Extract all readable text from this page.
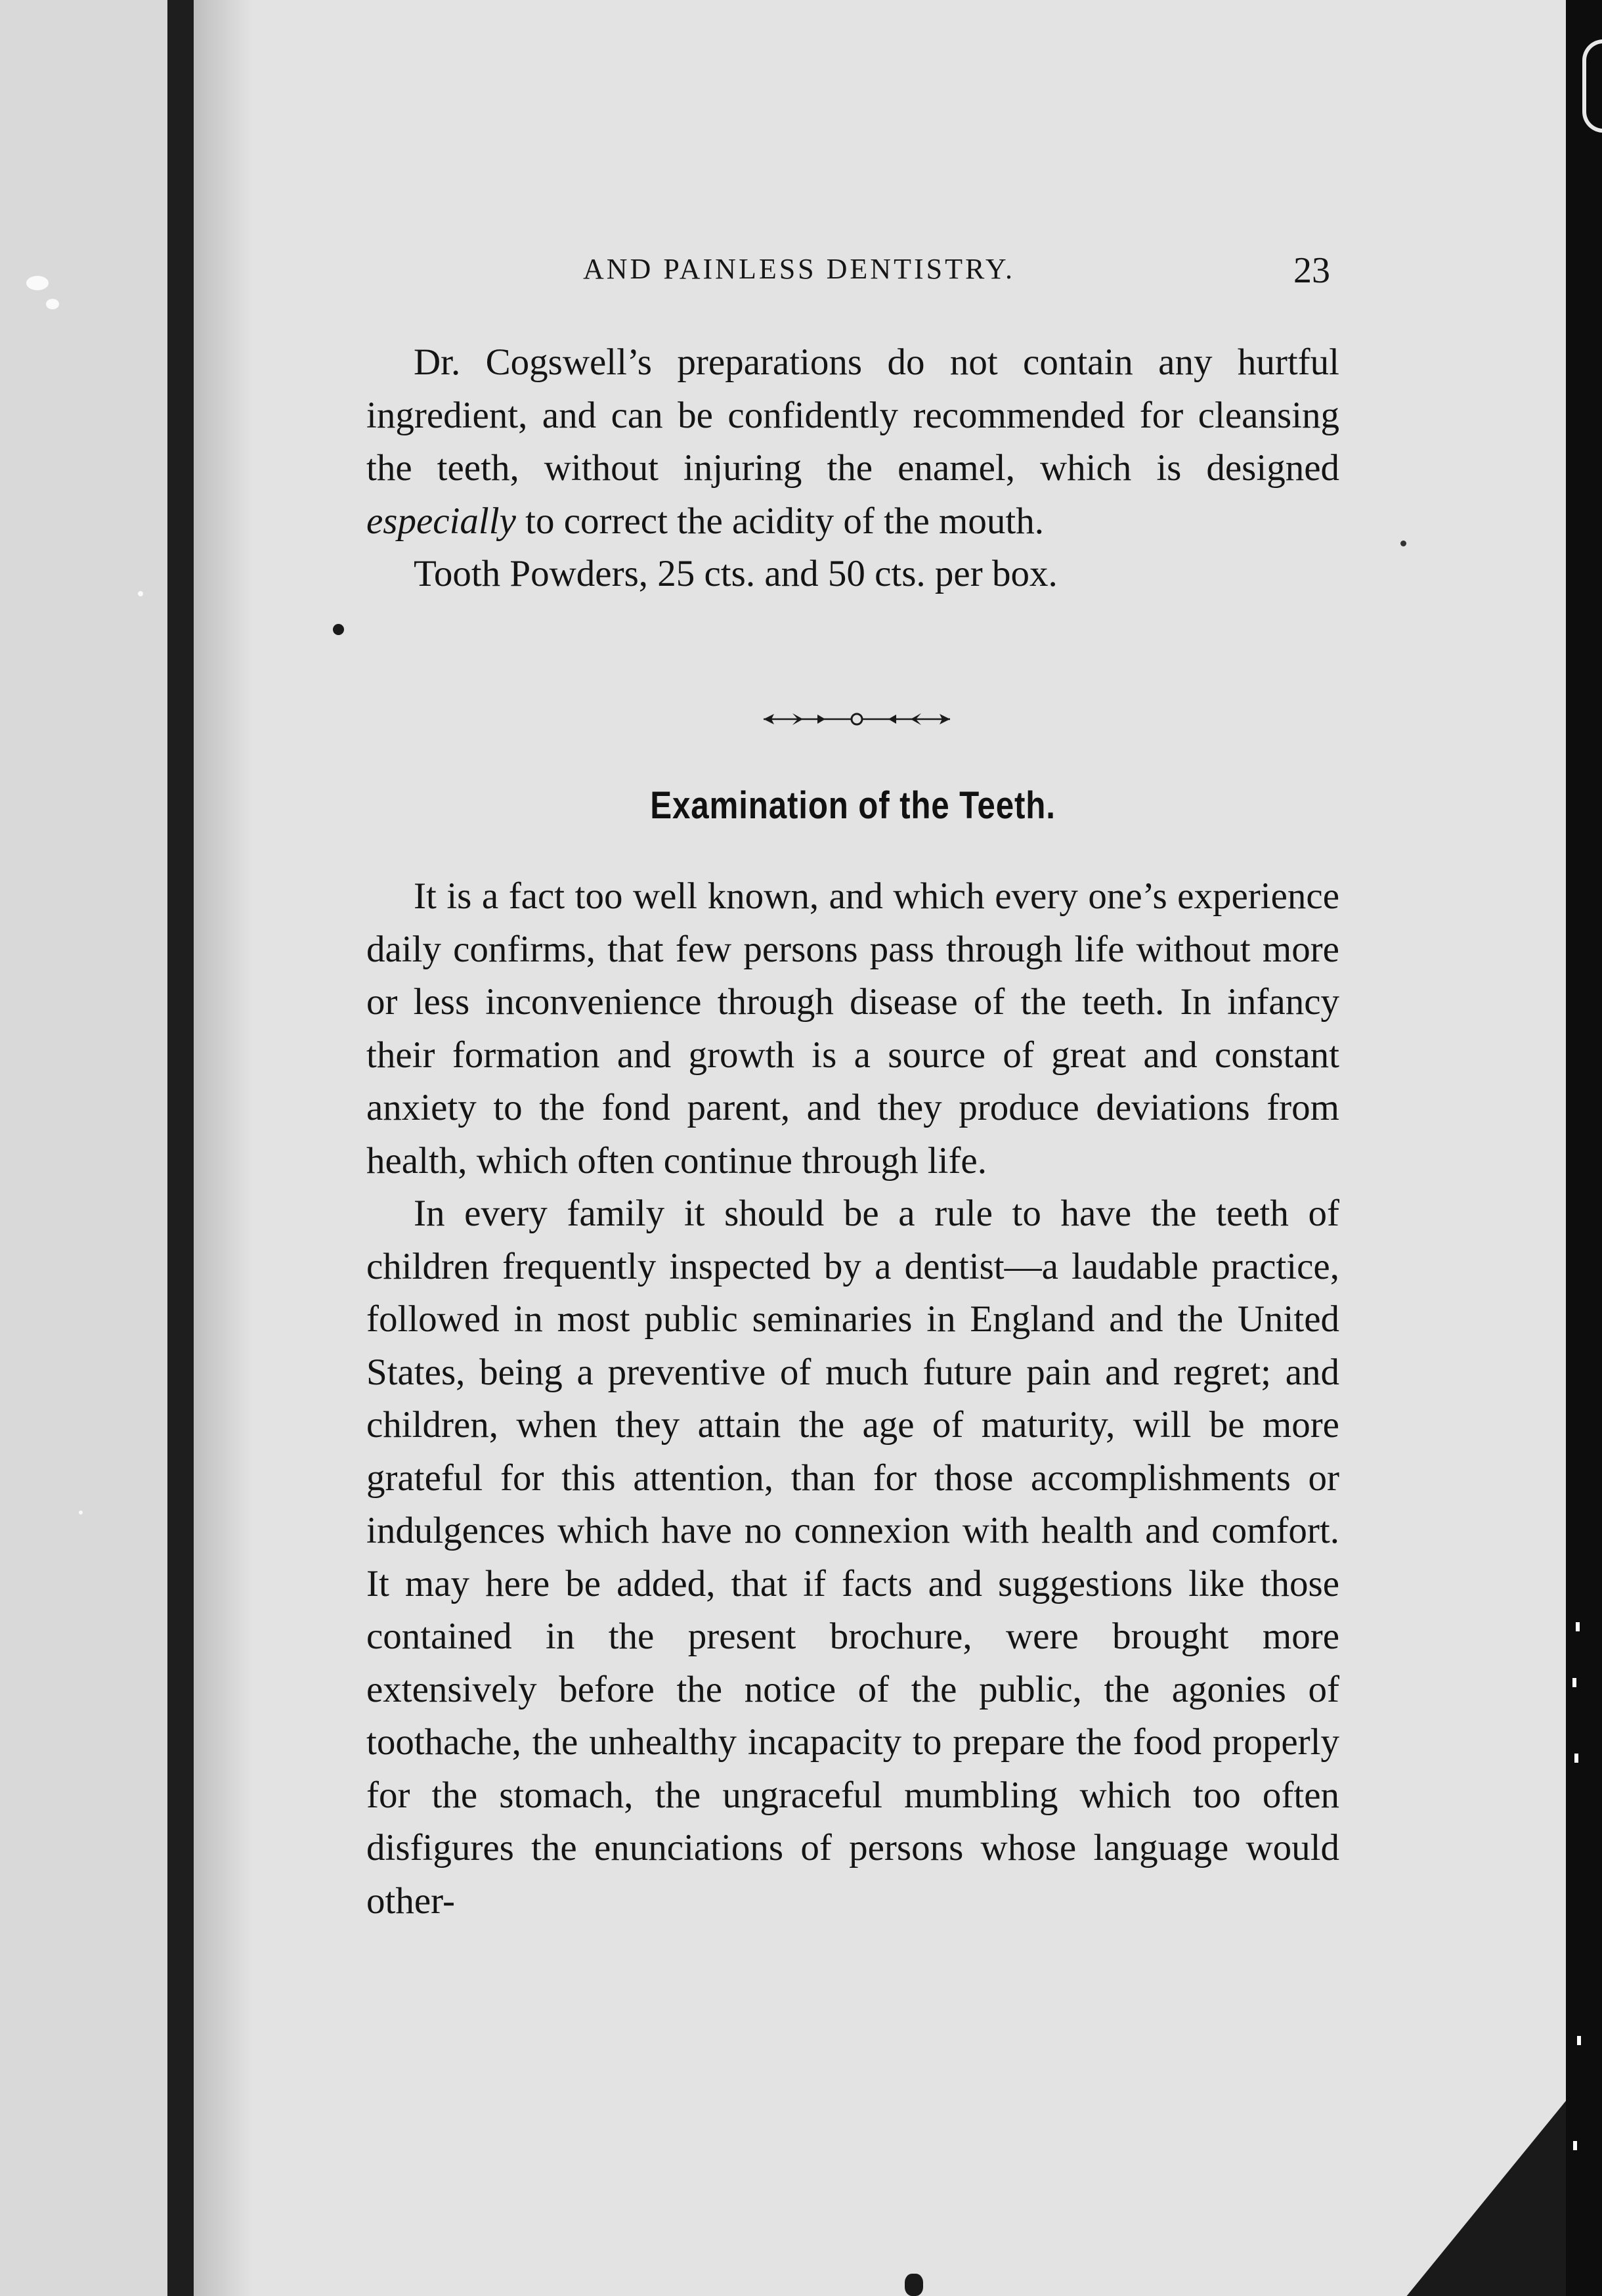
AND PAINLESS DENTISTRY.	23

Dr. Cogswell’s preparations do not contain any hurtful ingredient, and can be confidently recommended for cleansing the teeth, without injuring the enamel, which is designed especially to correct the acidity of the mouth.

Tooth Powders, 25 cts. and 50 cts. per box.

Examination of the Teeth.

It is a fact too well known, and which every one’s experience daily confirms, that few persons pass through life without more or less inconvenience through disease of the teeth. In infancy their formation and growth is a source of great and constant anxiety to the fond parent, and they produce deviations from health, which often continue through life.

In every family it should be a rule to have the teeth of children frequently inspected by a dentist—a laudable practice, followed in most public seminaries in England and the United States, being a preventive of much future pain and regret; and children, when they attain the age of maturity, will be more grateful for this attention, than for those accomplishments or indulgences which have no connexion with health and comfort. It may here be added, that if facts and suggestions like those contained in the present brochure, were brought more extensively before the notice of the public, the agonies of toothache, the unhealthy incapacity to prepare the food properly for the stomach, the ungraceful mumbling which too often disfigures the enunciations of persons whose language would other-
